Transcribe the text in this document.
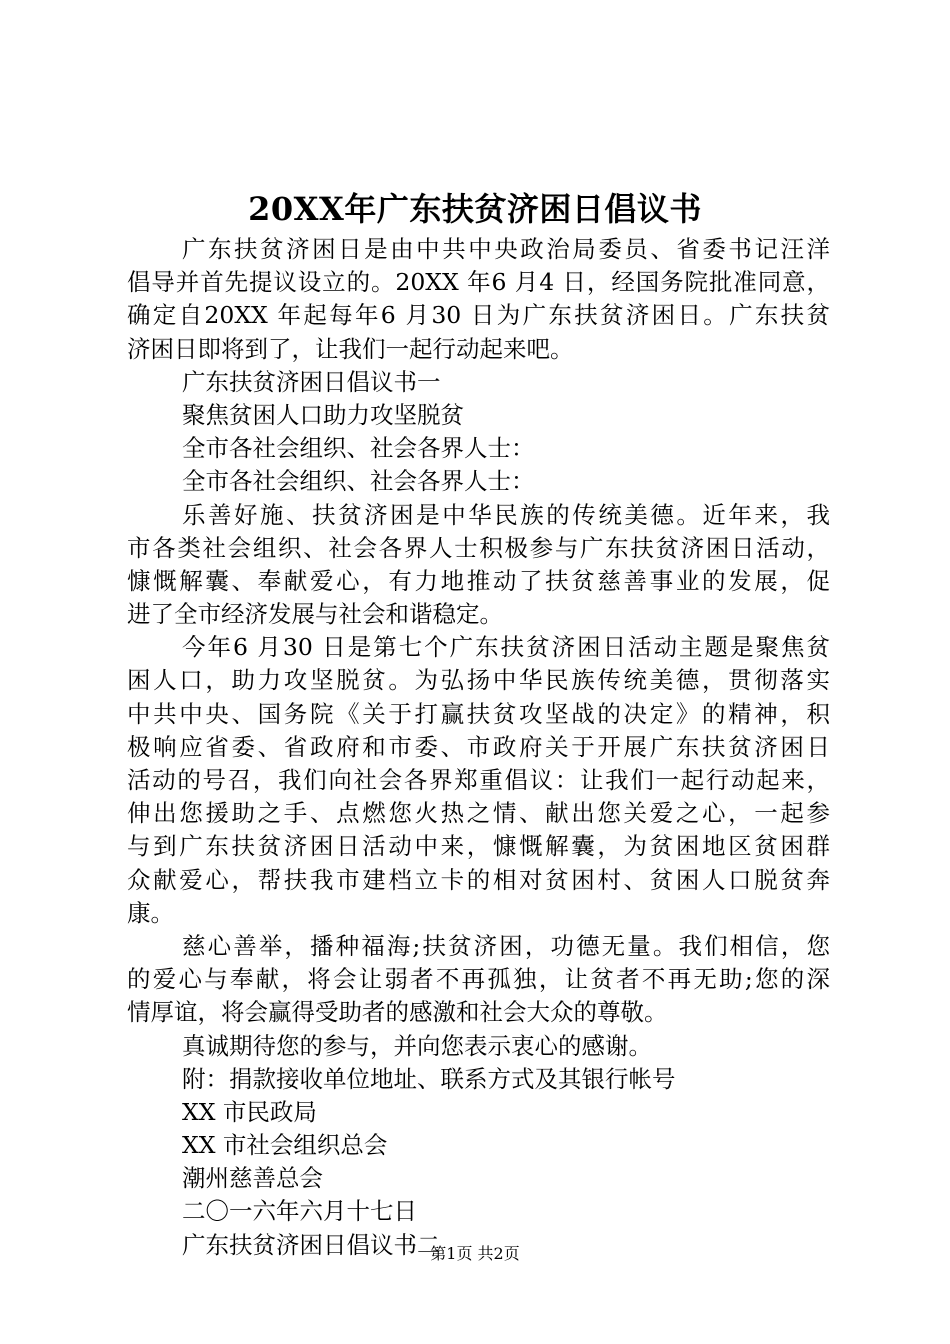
20XX年广东扶贫济困日倡议书
广东扶贫济困日是由中共中央政治局委员、省委书记汪洋
倡导并首先提议设立的。20XX 年6 月4 日，经国务院批准同意，
确定自20XX 年起每年6 月30 日为广东扶贫济困日。广东扶贫
济困日即将到了，让我们一起行动起来吧。
广东扶贫济困日倡议书一
聚焦贫困人口助力攻坚脱贫
全市各社会组织、社会各界人士：
全市各社会组织、社会各界人士：
乐善好施、扶贫济困是中华民族的传统美德。近年来，我
市各类社会组织、社会各界人士积极参与广东扶贫济困日活动，
慷慨解囊、奉献爱心，有力地推动了扶贫慈善事业的发展，促
进了全市经济发展与社会和谐稳定。
今年6 月30 日是第七个广东扶贫济困日活动主题是聚焦贫
困人口，助力攻坚脱贫。为弘扬中华民族传统美德，贯彻落实
中共中央、国务院《关于打赢扶贫攻坚战的决定》的精神，积
极响应省委、省政府和市委、市政府关于开展广东扶贫济困日
活动的号召，我们向社会各界郑重倡议：让我们一起行动起来，
伸出您援助之手、点燃您火热之情、献出您关爱之心，一起参
与到广东扶贫济困日活动中来，慷慨解囊，为贫困地区贫困群
众献爱心，帮扶我市建档立卡的相对贫困村、贫困人口脱贫奔
康。
慈心善举，播种福海;扶贫济困，功德无量。我们相信，您
的爱心与奉献，将会让弱者不再孤独，让贫者不再无助;您的深
情厚谊，将会赢得受助者的感激和社会大众的尊敬。
真诚期待您的参与，并向您表示衷心的感谢。
附：捐款接收单位地址、联系方式及其银行帐号
XX 市民政局
XX 市社会组织总会
潮州慈善总会
二〇一六年六月十七日
广东扶贫济困日倡议书二
第1页 共2页
